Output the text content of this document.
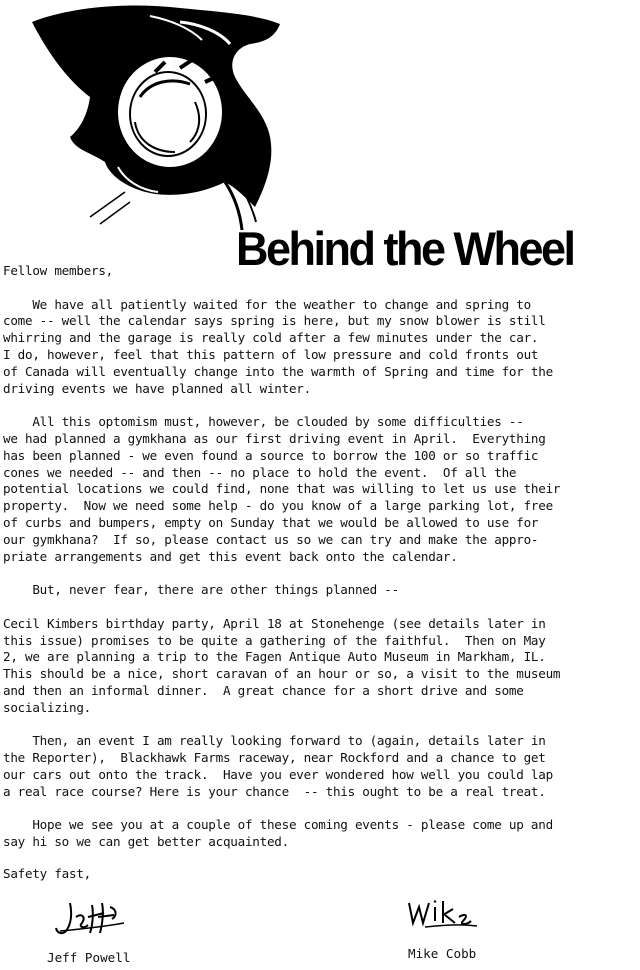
Behind the Wheel
Fellow members,
We have all patiently waited for the weather to change and spring to
come -- well the calendar says spring is here, but my snow blower is still
whirring and the garage is really cold after a few minutes under the car.
I do, however, feel that this pattern of low pressure and cold fronts out
of Canada will eventually change into the warmth of Spring and time for the
driving events we have planned all winter.
All this optomism must, however, be clouded by some difficulties --
we had planned a gymkhana as our first driving event in April.  Everything
has been planned - we even found a source to borrow the 100 or so traffic
cones we needed -- and then -- no place to hold the event.  Of all the
potential locations we could find, none that was willing to let us use their
property.  Now we need some help - do you know of a large parking lot, free
of curbs and bumpers, empty on Sunday that we would be allowed to use for
our gymkhana?  If so, please contact us so we can try and make the appro-
priate arrangements and get this event back onto the calendar.
But, never fear, there are other things planned --
Cecil Kimbers birthday party, April 18 at Stonehenge (see details later in
this issue) promises to be quite a gathering of the faithful.  Then on May
2, we are planning a trip to the Fagen Antique Auto Museum in Markham, IL.
This should be a nice, short caravan of an hour or so, a visit to the museum
and then an informal dinner.  A great chance for a short drive and some
socializing.
Then, an event I am really looking forward to (again, details later in
the Reporter),  Blackhawk Farms raceway, near Rockford and a chance to get
our cars out onto the track.  Have you ever wondered how well you could lap
a real race course? Here is your chance  -- this ought to be a real treat.
Hope we see you at a couple of these coming events - please come up and
say hi so we can get better acquainted.
Safety fast,
Jeff Powell	Mike Cobb
